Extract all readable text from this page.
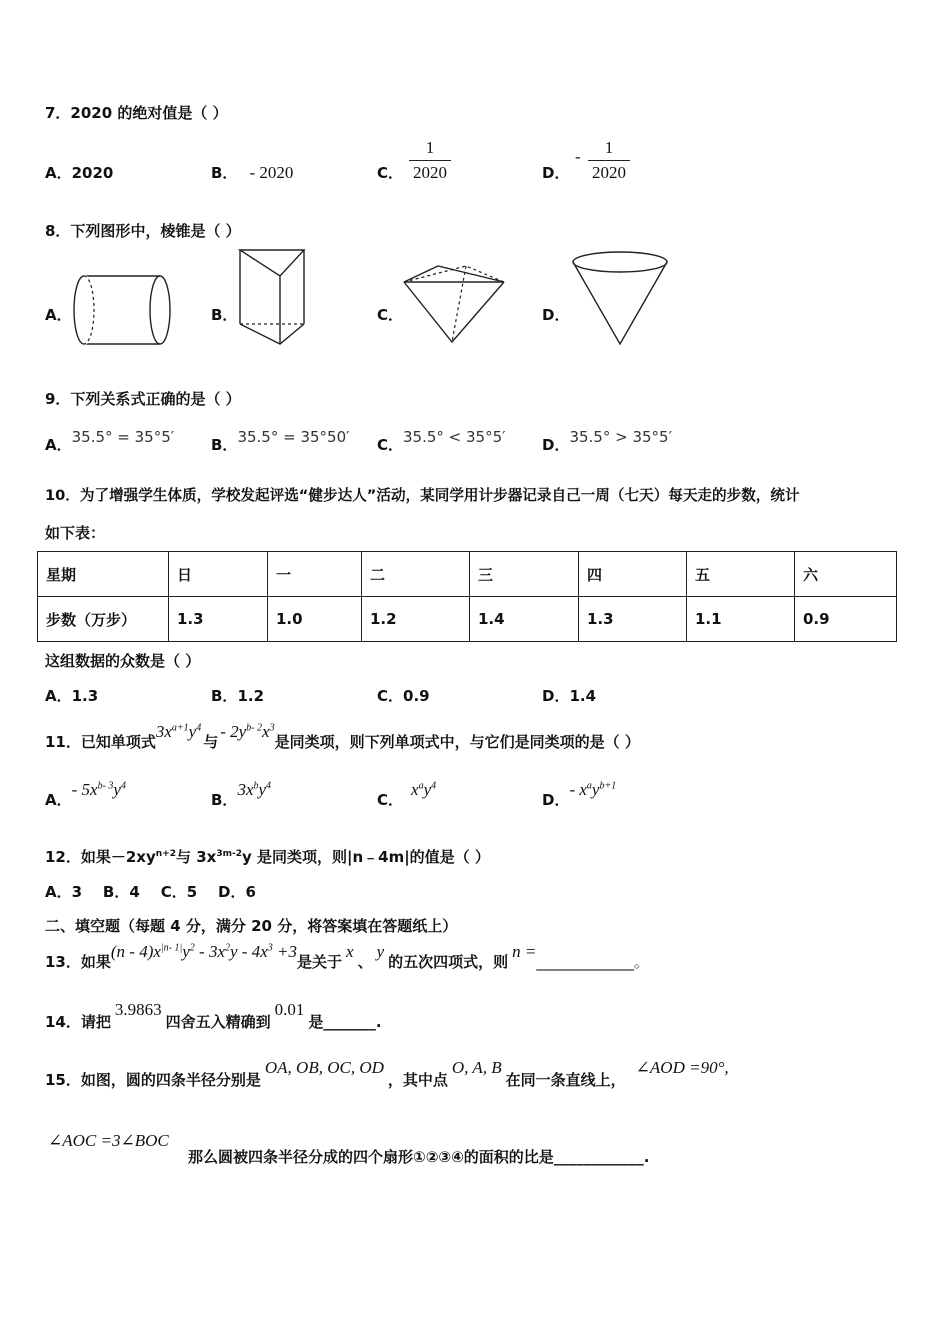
7．2020 的绝对值是（ ）
A．2020	B． - 2020	C．
1
2020	D．
-	1
2020
8．下列图形中，棱锥是（ ）
A．	B．	C．	D．
9．下列关系式正确的是（ ）
A．35.5° = 35°5′ B．35.5° = 35°50′ C．35.5° < 35°5′ D．35.5° > 35°5′
10．为了增强学生体质，学校发起评选“健步达人”活动，某同学用计步器记录自己一周（七天）每天走的步数，统计
如下表：
星期	日	一	二	三	四	五	六
步数（万步）	1.3	1.0	1.2	1.4	1.3	1.1	0.9
这组数据的众数是（ ）
A．1.3	B．1.2	C．0.9	D．1.4
11．已知单项式$3x^{a+1}y^4$与- $2y^{b- 2}x^3$是同类项，则下列单项式中，与它们是同类项的是（ ）
A．- $5x^{b- 3}y^4$
B．$3x^by^4$
C．$x^ay^4$
D．- $x^ay^{b+1}$
12．如果$-2xy^{n+2}$与 $3x^{3m-2}y$ 是同类项，则|n﹣4m|的值是（ ）
A．3    B．4    C．5    D．6
二、填空题（每题 4 分，满分 20 分，将答案填在答题纸上）
13．如果$(n - 4)x^{|n- 1|}y^2 - 3x^2y - 4x^3 +3$是关于x、y的五次四项式，则n =_____________。
14．请把3.9863四舍五入精确到0.01是_______.
15．如图，圆的四条半径分别是OA, OB, OC, OD，其中点O, A, B在同一条直线上，∠AOD =90°,
∠AOC =3∠BOC
那么圆被四条半径分成的四个扇形①②③④的面积的比是____________.
